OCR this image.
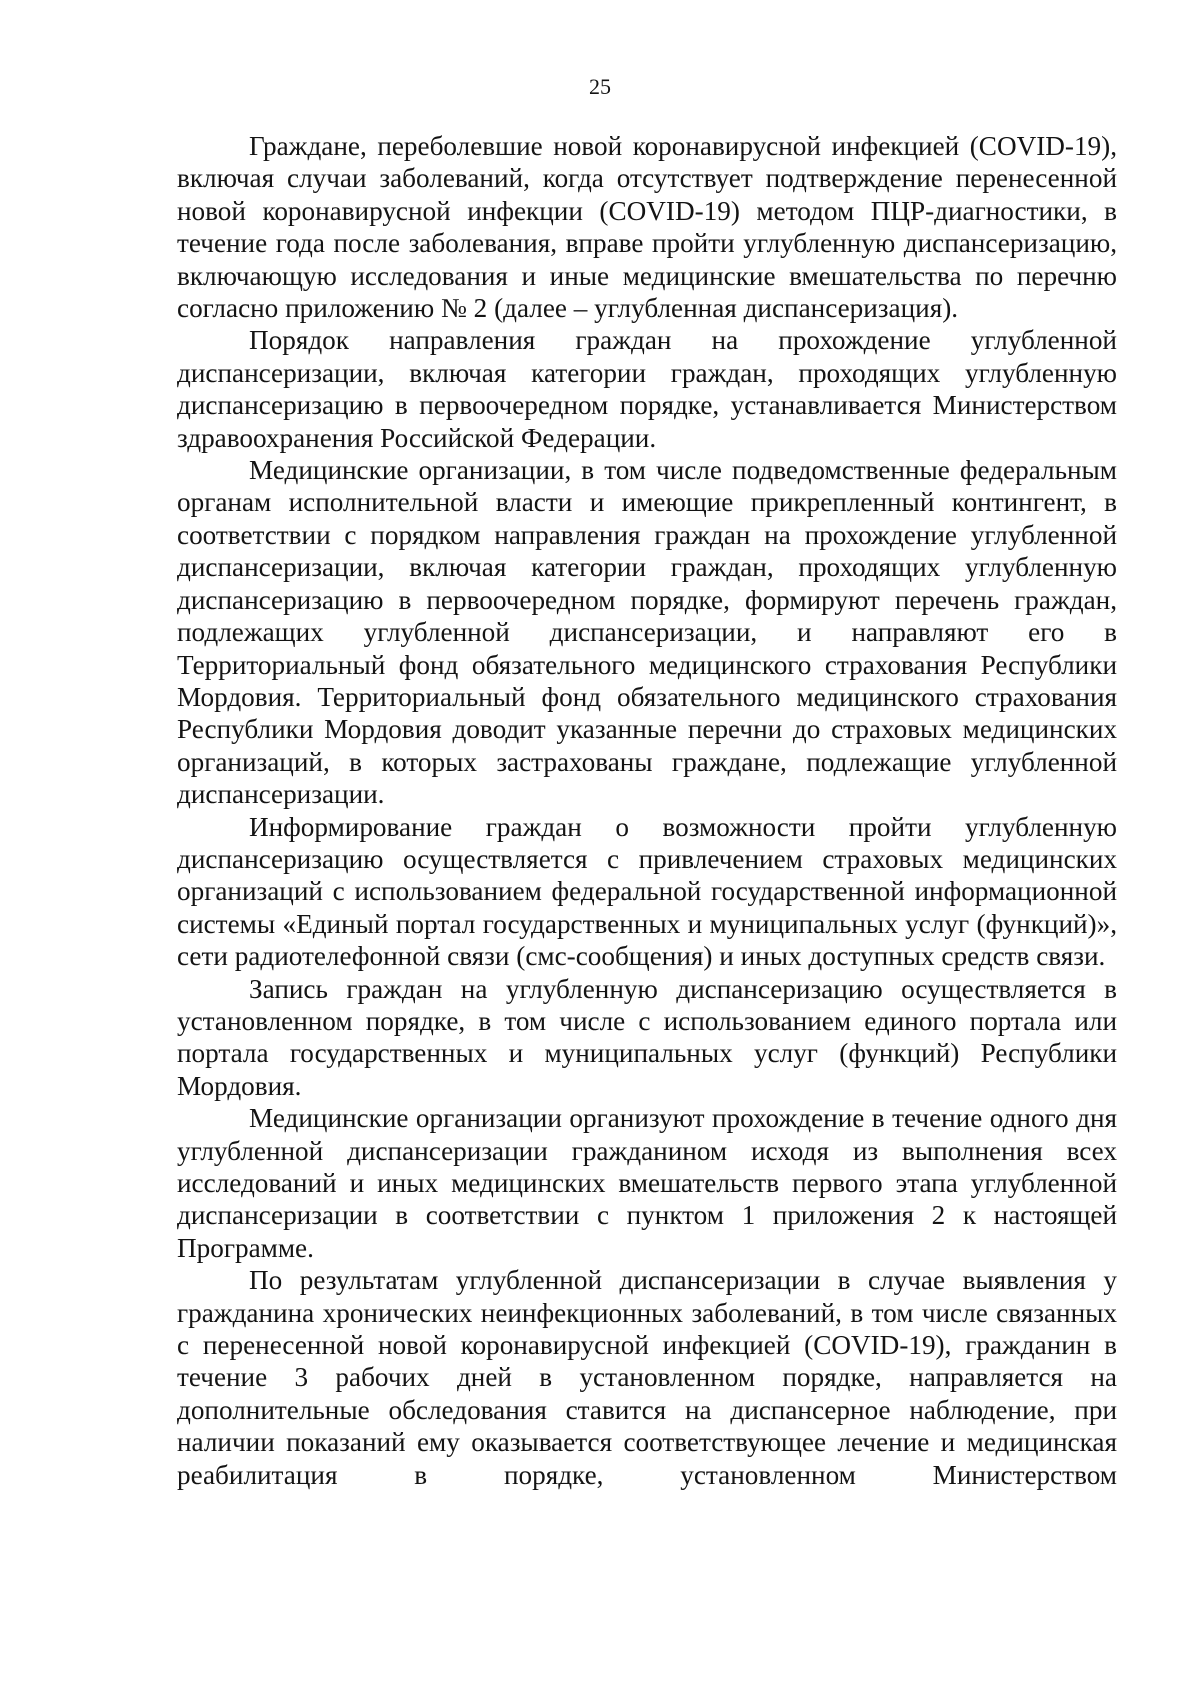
25

Граждане, переболевшие новой коронавирусной инфекцией (COVID-19), включая случаи заболеваний, когда отсутствует подтверждение перенесенной новой коронавирусной инфекции (COVID-19) методом ПЦР-диагностики, в течение года после заболевания, вправе пройти углубленную диспансеризацию, включающую исследования и иные медицинские вмешательства по перечню согласно приложению № 2 (далее – углубленная диспансеризация).

Порядок направления граждан на прохождение углубленной диспансеризации, включая категории граждан, проходящих углубленную диспансеризацию в первоочередном порядке, устанавливается Министерством здравоохранения Российской Федерации.

Медицинские организации, в том числе подведомственные федеральным органам исполнительной власти и имеющие прикрепленный контингент, в соответствии с порядком направления граждан на прохождение углубленной диспансеризации, включая категории граждан, проходящих углубленную диспансеризацию в первоочередном порядке, формируют перечень граждан, подлежащих углубленной диспансеризации, и направляют его в Территориальный фонд обязательного медицинского страхования Республики Мордовия. Территориальный фонд обязательного медицинского страхования Республики Мордовия доводит указанные перечни до страховых медицинских организаций, в которых застрахованы граждане, подлежащие углубленной диспансеризации.

Информирование граждан о возможности пройти углубленную диспансеризацию осуществляется с привлечением страховых медицинских организаций с использованием федеральной государственной информационной системы «Единый портал государственных и муниципальных услуг (функций)», сети радиотелефонной связи (смс-сообщения) и иных доступных средств связи.

Запись граждан на углубленную диспансеризацию осуществляется в установленном порядке, в том числе с использованием единого портала или портала государственных и муниципальных услуг (функций) Республики Мордовия.

Медицинские организации организуют прохождение в течение одного дня углубленной диспансеризации гражданином исходя из выполнения всех исследований и иных медицинских вмешательств первого этапа углубленной диспансеризации в соответствии с пунктом 1 приложения 2 к настоящей Программе.

По результатам углубленной диспансеризации в случае выявления у гражданина хронических неинфекционных заболеваний, в том числе связанных с перенесенной новой коронавирусной инфекцией (COVID-19), гражданин в течение 3 рабочих дней в установленном порядке, направляется на дополнительные обследования ставится на диспансерное наблюдение, при наличии показаний ему оказывается соответствующее лечение и медицинская реабилитация в порядке, установленном Министерством
